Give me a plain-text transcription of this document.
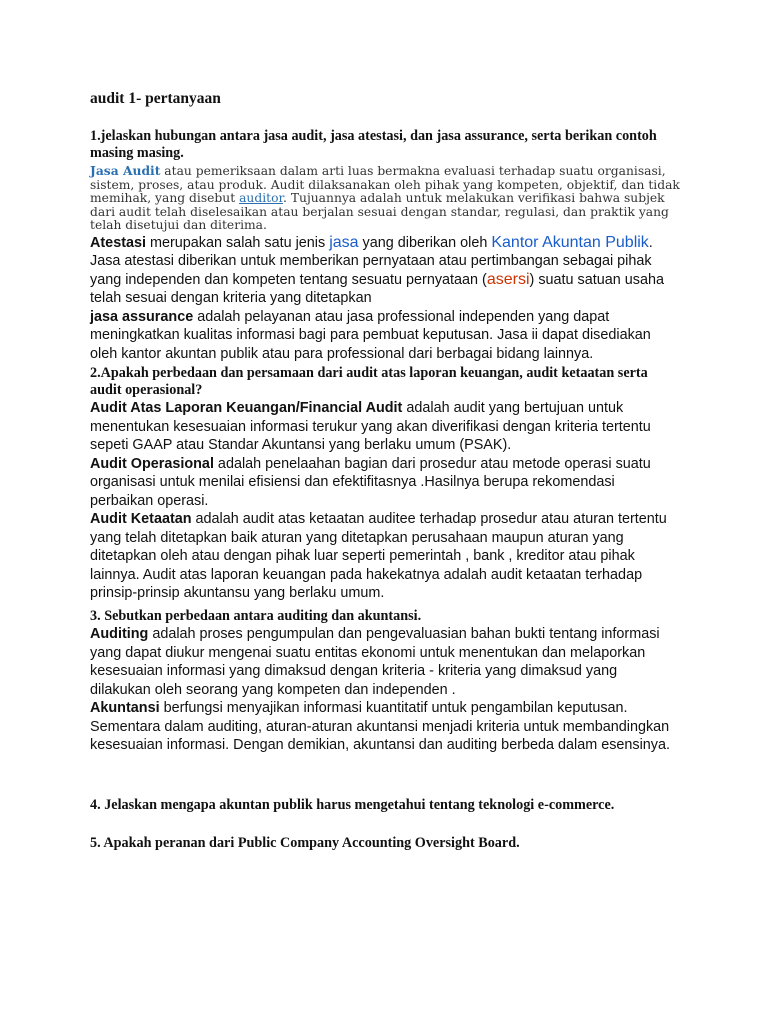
audit 1- pertanyaan

1.jelaskan hubungan antara jasa audit, jasa atestasi, dan jasa assurance, serta berikan contoh masing masing.

Jasa Audit atau pemeriksaan dalam arti luas bermakna evaluasi terhadap suatu organisasi, sistem, proses, atau produk. Audit dilaksanakan oleh pihak yang kompeten, objektif, dan tidak memihak, yang disebut auditor. Tujuannya adalah untuk melakukan verifikasi bahwa subjek dari audit telah diselesaikan atau berjalan sesuai dengan standar, regulasi, dan praktik yang telah disetujui dan diterima.

Atestasi merupakan salah satu jenis jasa yang diberikan oleh Kantor Akuntan Publik. Jasa atestasi diberikan untuk memberikan pernyataan atau pertimbangan sebagai pihak yang independen dan kompeten tentang sesuatu pernyataan (asersi) suatu satuan usaha telah sesuai dengan kriteria yang ditetapkan

jasa assurance adalah pelayanan atau jasa professional independen yang dapat meningkatkan kualitas informasi bagi para pembuat keputusan. Jasa ii dapat disediakan oleh kantor akuntan publik atau para professional dari berbagai bidang lainnya.

2.Apakah perbedaan dan persamaan dari audit atas laporan keuangan, audit ketaatan serta audit operasional?

Audit Atas Laporan Keuangan/Financial Audit adalah audit yang bertujuan untuk menentukan kesesuaian informasi terukur yang akan diverifikasi dengan kriteria tertentu sepeti GAAP atau Standar Akuntansi yang berlaku umum (PSAK).

Audit Operasional adalah penelaahan bagian dari prosedur atau metode operasi suatu organisasi untuk menilai efisiensi dan efektifitasnya .Hasilnya berupa rekomendasi perbaikan operasi.

Audit Ketaatan adalah audit atas ketaatan auditee terhadap prosedur atau aturan tertentu yang telah ditetapkan baik aturan yang ditetapkan perusahaan maupun aturan yang ditetapkan oleh atau dengan pihak luar seperti pemerintah , bank , kreditor atau pihak lainnya. Audit atas laporan keuangan pada hakekatnya adalah audit ketaatan terhadap prinsip-prinsip akuntansu yang berlaku umum.

3. Sebutkan perbedaan antara auditing dan akuntansi.

Auditing adalah proses pengumpulan dan pengevaluasian bahan bukti tentang informasi yang dapat diukur mengenai suatu entitas ekonomi untuk menentukan dan melaporkan kesesuaian informasi yang dimaksud dengan kriteria - kriteria yang dimaksud yang dilakukan oleh seorang yang kompeten dan independen .

Akuntansi berfungsi menyajikan informasi kuantitatif untuk pengambilan keputusan. Sementara dalam auditing, aturan-aturan akuntansi menjadi kriteria untuk membandingkan kesesuaian informasi. Dengan demikian, akuntansi dan auditing berbeda dalam esensinya.

4. Jelaskan mengapa akuntan publik harus mengetahui tentang teknologi e-commerce.

5. Apakah peranan dari Public Company Accounting Oversight Board.
